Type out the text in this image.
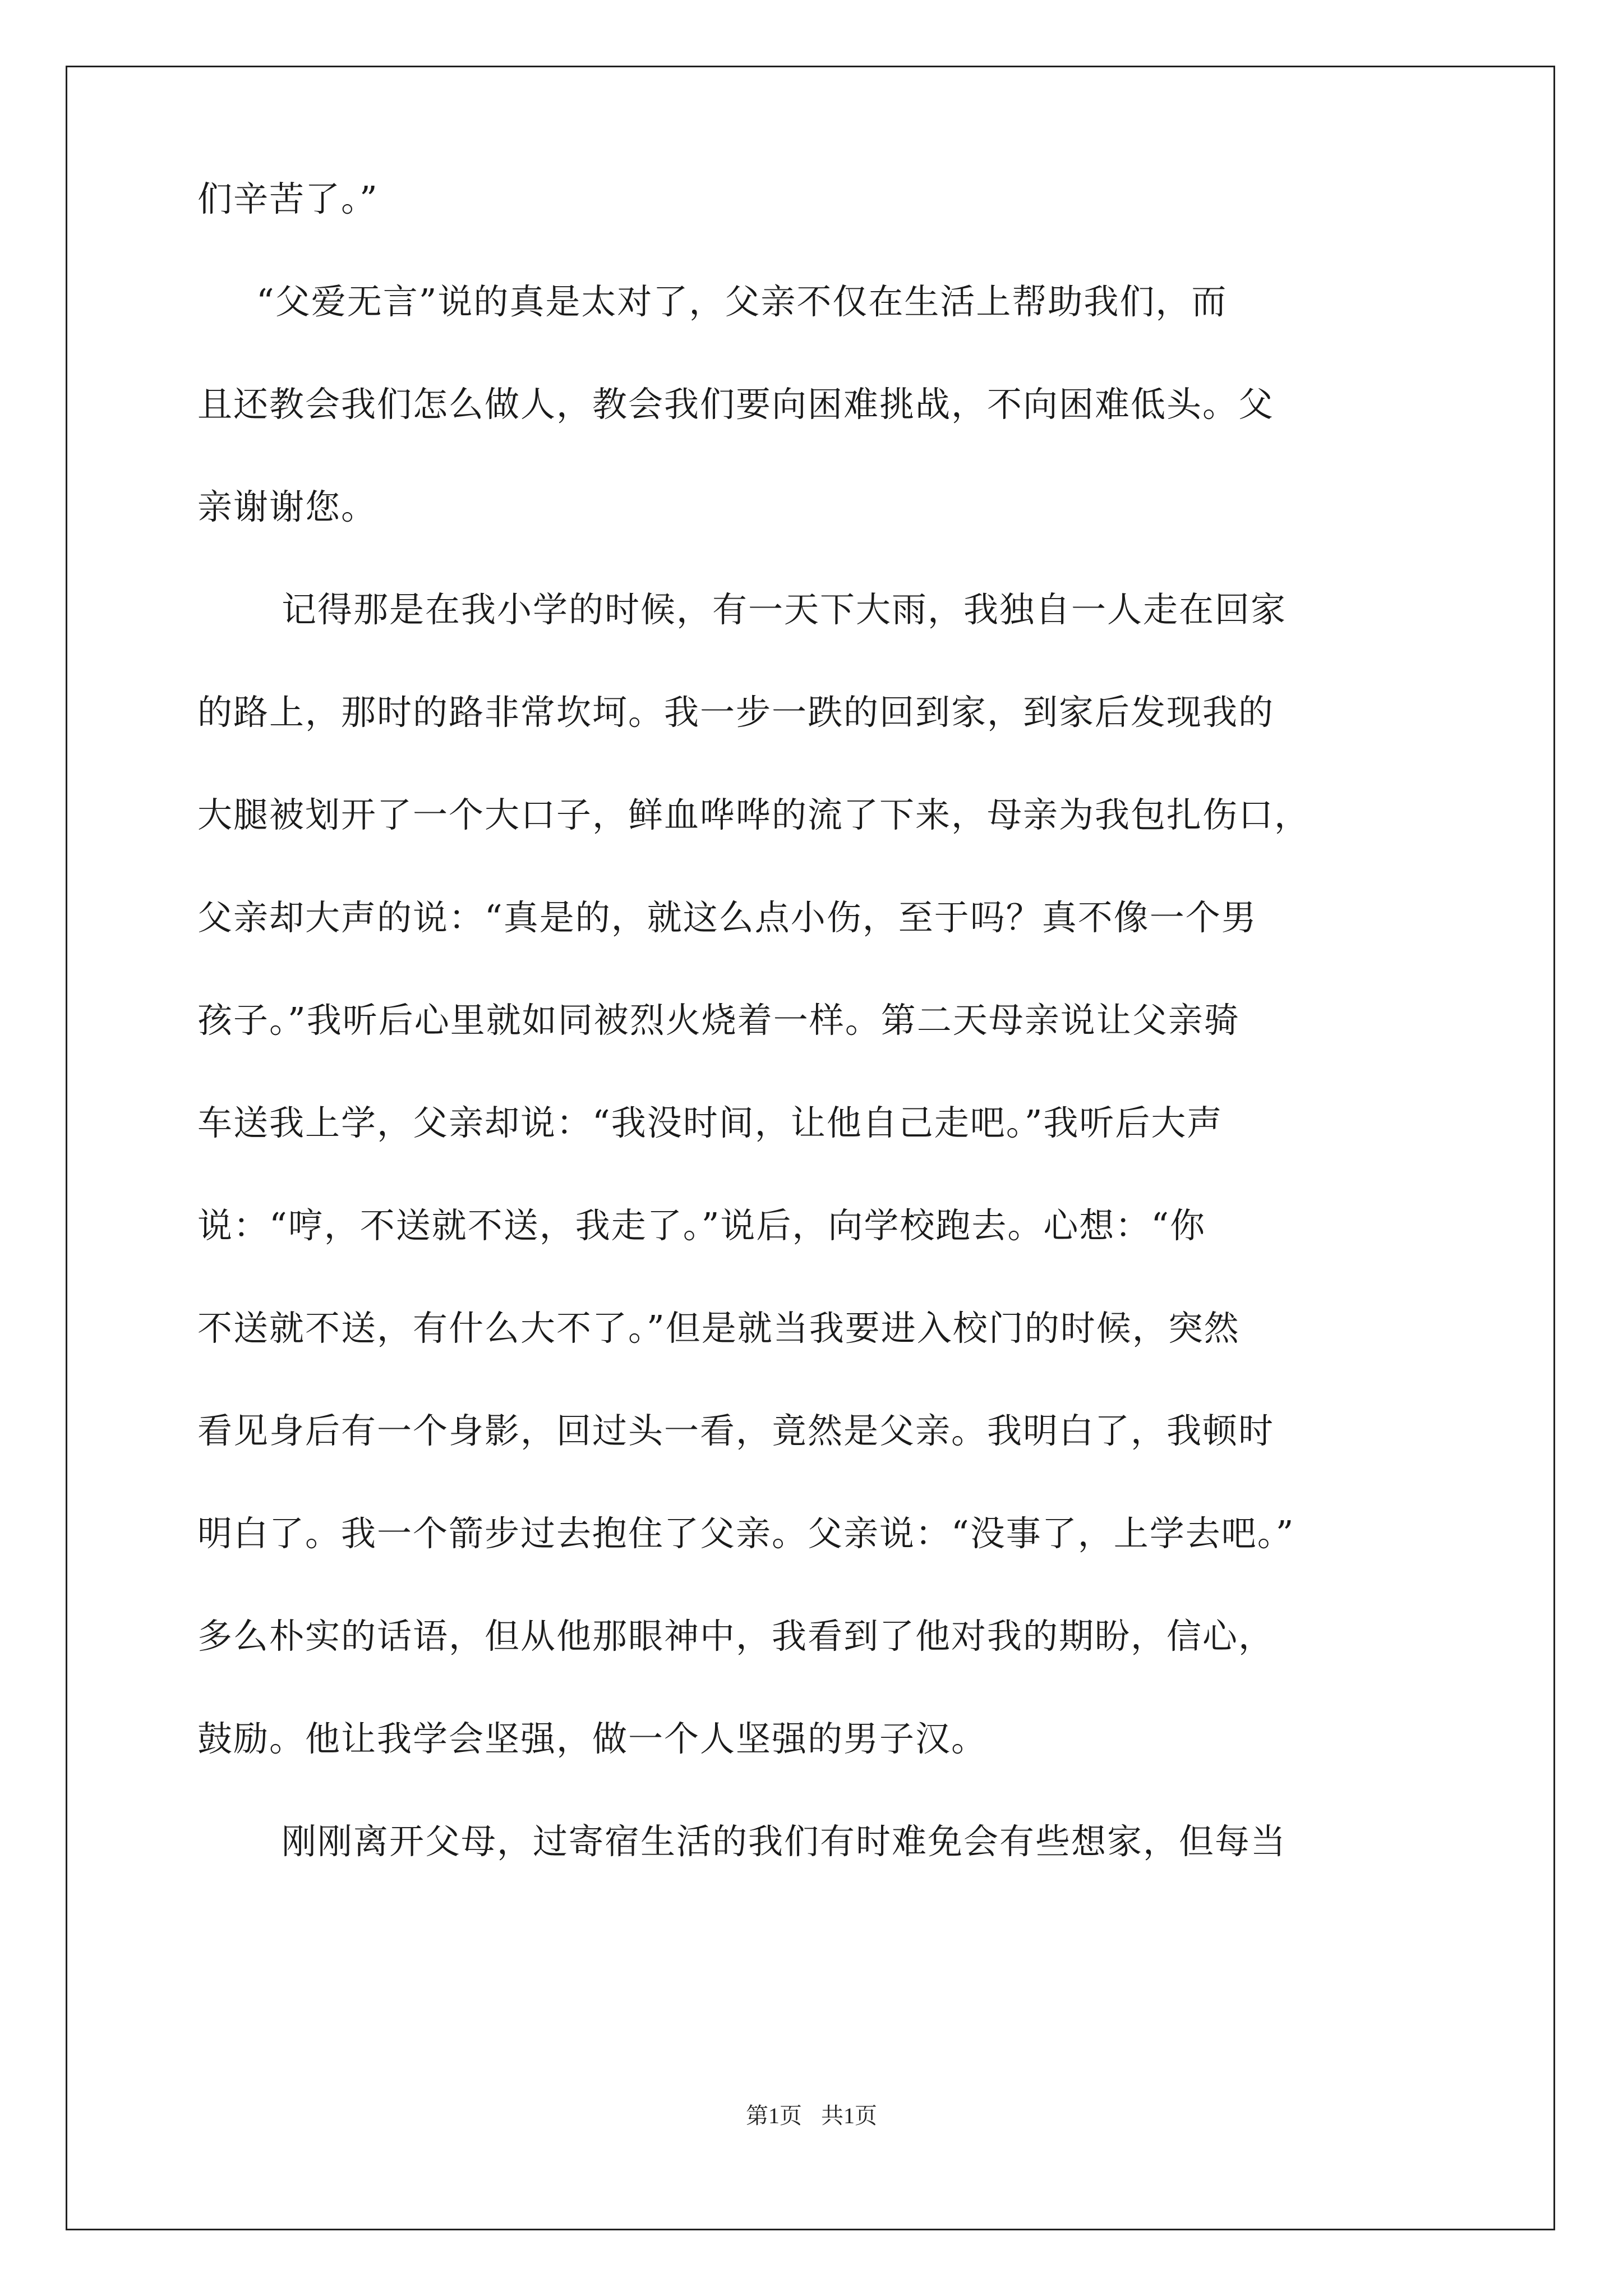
们辛苦了。”
“父爱无言”说的真是太对了，父亲不仅在生活上帮助我们，而
且还教会我们怎么做人，教会我们要向困难挑战，不向困难低头。父
亲谢谢您。
记得那是在我小学的时候，有一天下大雨，我独自一人走在回家
的路上，那时的路非常坎坷。我一步一跌的回到家，到家后发现我的
大腿被划开了一个大口子，鲜血哗哗的流了下来，母亲为我包扎伤口，
父亲却大声的说：“真是的，就这么点小伤，至于吗？真不像一个男
孩子。”我听后心里就如同被烈火烧着一样。第二天母亲说让父亲骑
车送我上学，父亲却说：“我没时间，让他自己走吧。”我听后大声
说：“哼，不送就不送，我走了。”说后，向学校跑去。心想：“你
不送就不送，有什么大不了。”但是就当我要进入校门的时候，突然
看见身后有一个身影，回过头一看，竟然是父亲。我明白了，我顿时
明白了。我一个箭步过去抱住了父亲。父亲说：“没事了，上学去吧。”
多么朴实的话语，但从他那眼神中，我看到了他对我的期盼，信心，
鼓励。他让我学会坚强，做一个人坚强的男子汉。
刚刚离开父母，过寄宿生活的我们有时难免会有些想家，但每当
第1页 共1页
